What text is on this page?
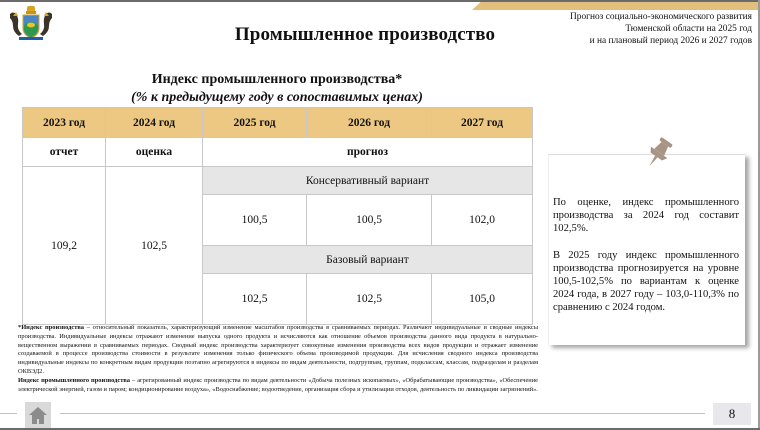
Промышленное производство
Прогноз социально-экономического развития
Тюменской области на 2025 год
и на плановый период 2026 и 2027 годов
Индекс промышленного производства*
(% к предыдущему году в сопоставимых ценах)
2023 год	2024 год	2025 год	2026 год	2027 год
отчет	оценка	прогноз		
109,2	102,5	Консервативный вариант		
		100,5	100,5	102,0
		Базовый вариант		
		102,5	102,5	105,0

По оценке, индекс промышленного производства за 2024 год составит 102,5%.

В 2025 году индекс промышленного производства прогнозируется на уровне 100,5-102,5% по вариантам к оценке 2024 года, в 2027 году – 103,0-110,3% по сравнению с 2024 годом.

*Индекс производства – относительный показатель, характеризующий изменение масштабов производства в сравниваемых периодах. Различают индивидуальные и сводные индексы производства. Индивидуальные индексы отражают изменение выпуска одного продукта и исчисляются как отношение объемов производства данного вида продукта в натурально-вещественном выражении в сравниваемых периодах. Сводный индекс производства характеризует совокупные изменения производства всех видов продукции и отражает изменение создаваемой в процессе производства стоимости в результате изменения только физического объема производимой продукции. Для исчисления сводного индекса производства индивидуальные индексы по конкретным видам продукции поэтапно агрегируются в индексы по видам деятельности, подгруппам, группам, подклассам, классам, подразделам и разделам ОКВЭД2.

Индекс промышленного производства – агрегированный индекс производства по видам деятельности «Добыча полезных ископаемых», «Обрабатывающие производства», «Обеспечение электрической энергией, газом и паром; кондиционирование воздуха», «Водоснабжение; водоотведение, организация сбора и утилизации отходов, деятельность по ликвидации загрязнений».

8
